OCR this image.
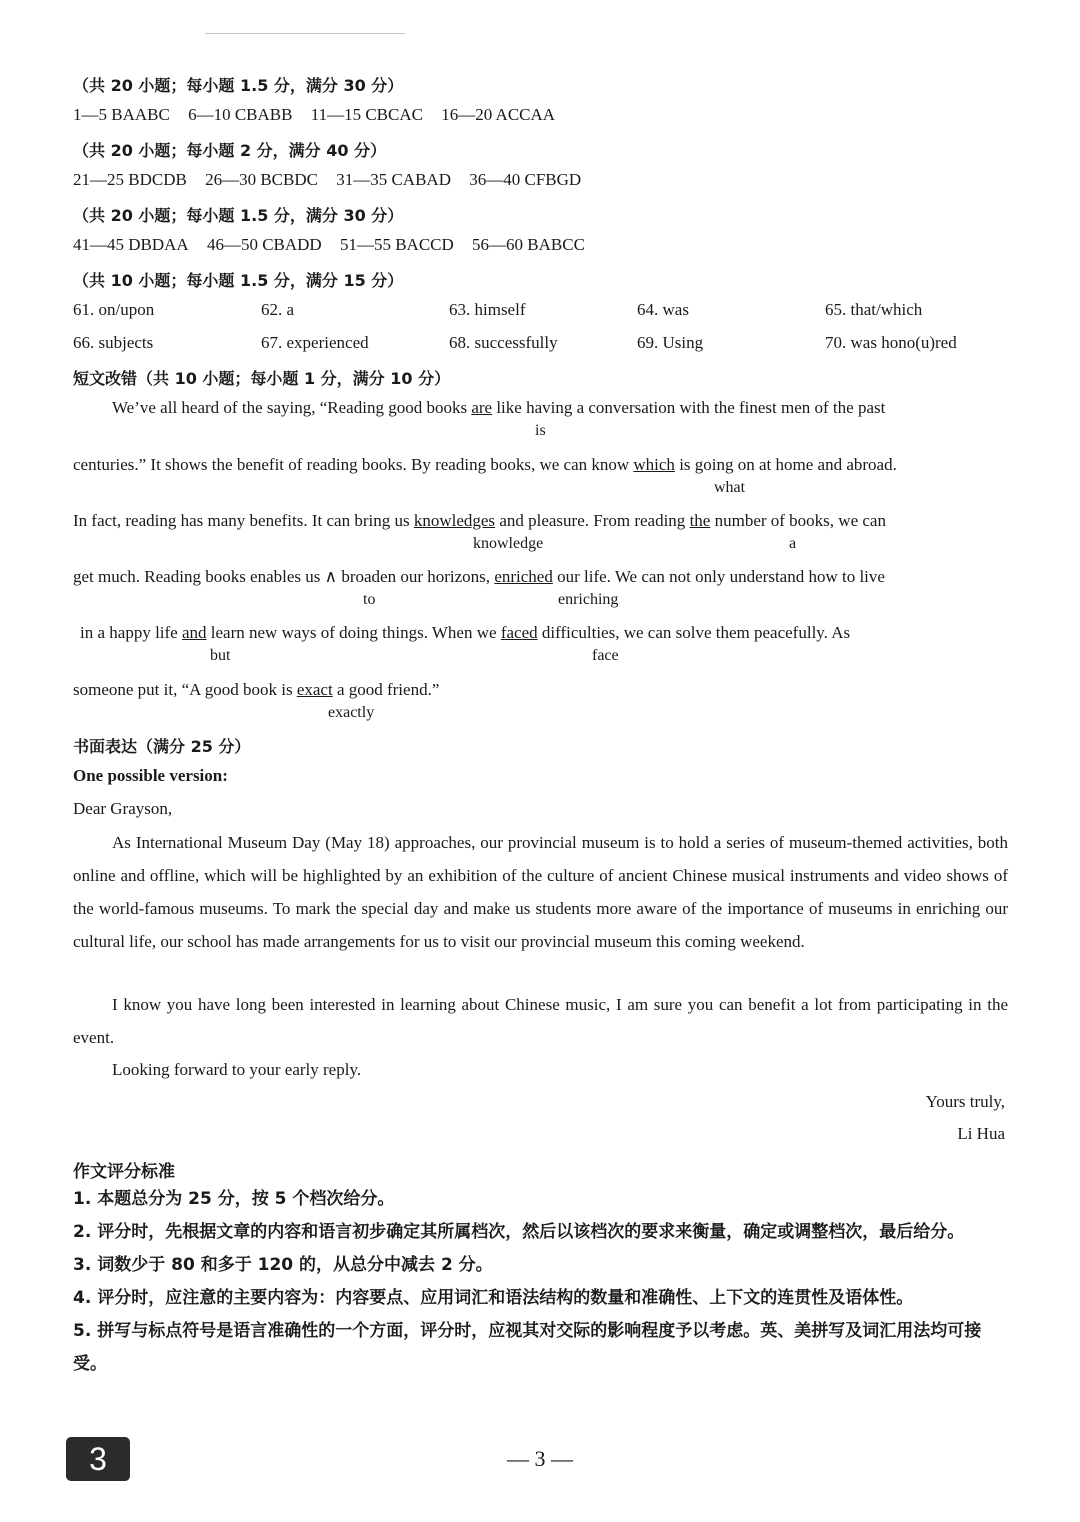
（共 20 小题；每小题 1.5 分，满分 30 分）
1—5 BAABC 6—10 CBABB 11—15 CBCAC 16—20 ACCAA
（共 20 小题；每小题 2 分，满分 40 分）
21—25 BDCDB 26—30 BCBDC 31—35 CABAD 36—40 CFBGD
（共 20 小题；每小题 1.5 分，满分 30 分）
41—45 DBDAA 46—50 CBADD 51—55 BACCD 56—60 BABCC
（共 10 小题；每小题 1.5 分，满分 15 分）
61. on/upon	62. a	63. himself	64. was	65. that/which
66. subjects	67. experienced	68. successfully	69. Using	70. was hono(u)red
短文改错（共 10 小题；每小题 1 分，满分 10 分）
We’ve all heard of the saying, “Reading good books are like having a conversation with the finest men of the past
is
centuries.” It shows the benefit of reading books. By reading books, we can know which is going on at home and abroad.
what
In fact, reading has many benefits. It can bring us knowledges and pleasure. From reading the number of books, we can
knowledge	a
get much. Reading books enables us ∧ broaden our horizons, enriched our life. We can not only understand how to live
to	enriching
in a happy life and learn new ways of doing things. When we faced difficulties, we can solve them peacefully. As
but	face
someone put it, “A good book is exact a good friend.”
exactly
书面表达（满分 25 分）
One possible version:
Dear Grayson,
As International Museum Day (May 18) approaches, our provincial museum is to hold a series of museum-themed activities, both online and offline, which will be highlighted by an exhibition of the culture of ancient Chinese musical instruments and video shows of the world-famous museums. To mark the special day and make us students more aware of the importance of museums in enriching our cultural life, our school has made arrangements for us to visit our provincial museum this coming weekend.
I know you have long been interested in learning about Chinese music, I am sure you can benefit a lot from participating in the event.
Looking forward to your early reply.
Yours truly,
Li Hua
作文评分标准
1. 本题总分为 25 分，按 5 个档次给分。
2. 评分时，先根据文章的内容和语言初步确定其所属档次，然后以该档次的要求来衡量，确定或调整档次，最后给分。
3. 词数少于 80 和多于 120 的，从总分中减去 2 分。
4. 评分时，应注意的主要内容为：内容要点、应用词汇和语法结构的数量和准确性、上下文的连贯性及语体性。
5. 拼写与标点符号是语言准确性的一个方面，评分时，应视其对交际的影响程度予以考虑。英、美拼写及词汇用法均可接受。
3	— 3 —
